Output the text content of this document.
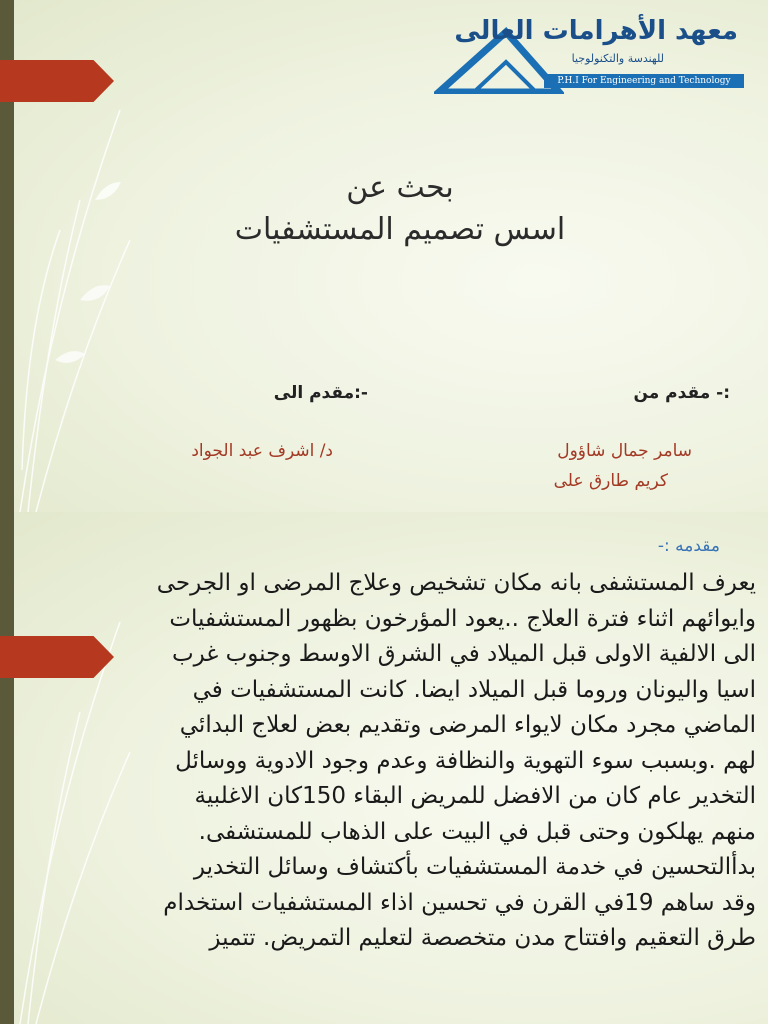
معهد الأهرامات العالى
للهندسة والتكنولوجيا
P.H.I For Engineering and Technology
بحث عن
اسس تصميم المستشفيات
:- مقدم من
-:مقدم الى
سامر جمال شاؤول
كريم طارق على
د/ اشرف عبد الجواد
مقدمه :-
يعرف المستشفى بانه مكان تشخيص وعلاج المرضى او الجرحى
وايوائهم اثناء فترة العلاج ..يعود المؤرخون بظهور المستشفيات
الى الالفية الاولى قبل الميلاد في الشرق الاوسط وجنوب غرب
اسيا واليونان وروما قبل الميلاد ايضا. كانت المستشفيات في
الماضي مجرد مكان لايواء المرضى وتقديم بعض لعلاج البدائي
لهم .وبسبب سوء التهوية والنظافة وعدم وجود الادوية ووسائل
التخدير عام كان من الافضل للمريض البقاء 150كان الاغلبية
منهم يهلكون وحتى قبل في البيت على الذهاب للمستشفى.
بدأالتحسين في خدمة المستشفيات بأكتشاف وسائل التخدير
وقد ساهم 19في القرن في تحسين اذاء المستشفيات استخدام
طرق التعقيم وافتتاح مدن متخصصة لتعليم التمريض. تتميز
